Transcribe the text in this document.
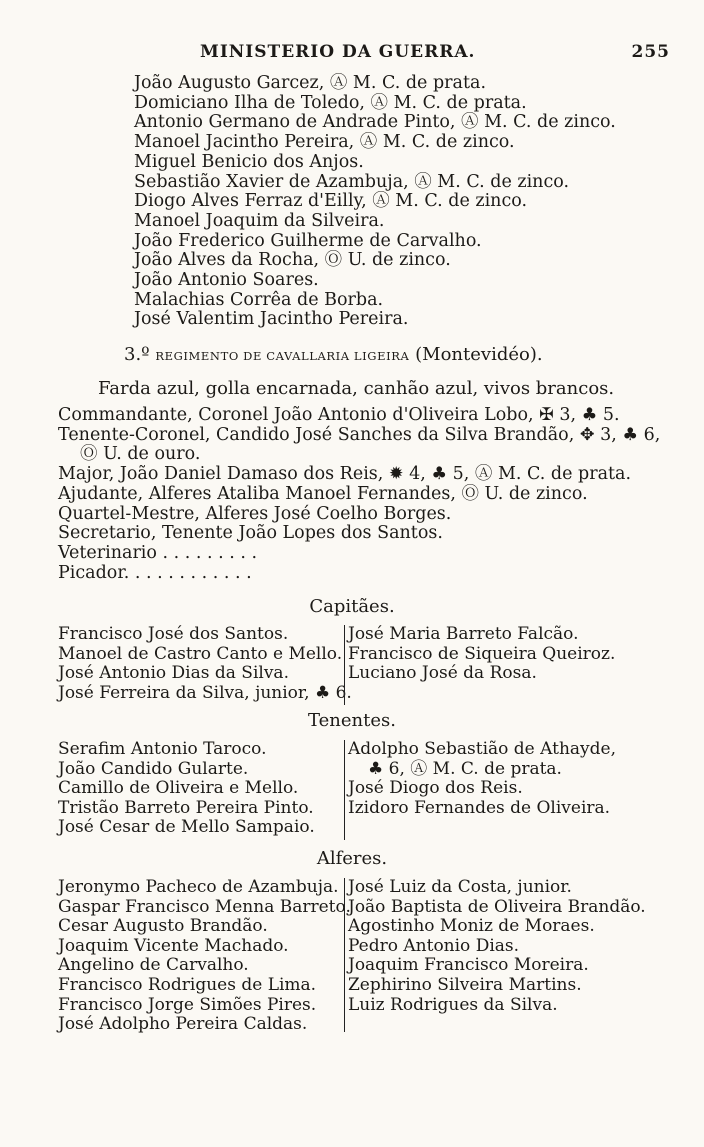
MINISTERIO DA GUERRA.	255
João Augusto Garcez, Ⓐ M. C. de prata.
Domiciano Ilha de Toledo, Ⓐ M. C. de prata.
Antonio Germano de Andrade Pinto, Ⓐ M. C. de zinco.
Manoel Jacintho Pereira, Ⓐ M. C. de zinco.
Miguel Benicio dos Anjos.
Sebastião Xavier de Azambuja, Ⓐ M. C. de zinco.
Diogo Alves Ferraz d'Eilly, Ⓐ M. C. de zinco.
Manoel Joaquim da Silveira.
João Frederico Guilherme de Carvalho.
João Alves da Rocha, Ⓞ U. de zinco.
João Antonio Soares.
Malachias Corrêa de Borba.
José Valentim Jacintho Pereira.
3.º REGIMENTO DE CAVALLARIA LIGEIRA (Montevidéo).
Farda azul, golla encarnada, canhão azul, vivos brancos.
Commandante, Coronel João Antonio d'Oliveira Lobo, ✠ 3, ♣ 5.
Tenente-Coronel, Candido José Sanches da Silva Brandão, ✥ 3, ♣ 6,
Ⓞ U. de ouro.
Major, João Daniel Damaso dos Reis, ✹ 4, ♣ 5, Ⓐ M. C. de prata.
Ajudante, Alferes Ataliba Manoel Fernandes, Ⓞ U. de zinco.
Quartel-Mestre, Alferes José Coelho Borges.
Secretario, Tenente João Lopes dos Santos.
Veterinario . . . . . . . . .
Picador. . . . . . . . . . . .
Capitães.
Francisco José dos Santos.
Manoel de Castro Canto e Mello.
José Antonio Dias da Silva.
José Ferreira da Silva, junior, ♣ 6.
José Maria Barreto Falcão.
Francisco de Siqueira Queiroz.
Luciano José da Rosa.
Tenentes.
Serafim Antonio Taroco.
João Candido Gularte.
Camillo de Oliveira e Mello.
Tristão Barreto Pereira Pinto.
José Cesar de Mello Sampaio.
Adolpho Sebastião de Athayde,
♣ 6, Ⓐ M. C. de prata.
José Diogo dos Reis.
Izidoro Fernandes de Oliveira.
Alferes.
Jeronymo Pacheco de Azambuja.
Gaspar Francisco Menna Barreto.
Cesar Augusto Brandão.
Joaquim Vicente Machado.
Angelino de Carvalho.
Francisco Rodrigues de Lima.
Francisco Jorge Simões Pires.
José Adolpho Pereira Caldas.
José Luiz da Costa, junior.
João Baptista de Oliveira Brandão.
Agostinho Moniz de Moraes.
Pedro Antonio Dias.
Joaquim Francisco Moreira.
Zephirino Silveira Martins.
Luiz Rodrigues da Silva.
